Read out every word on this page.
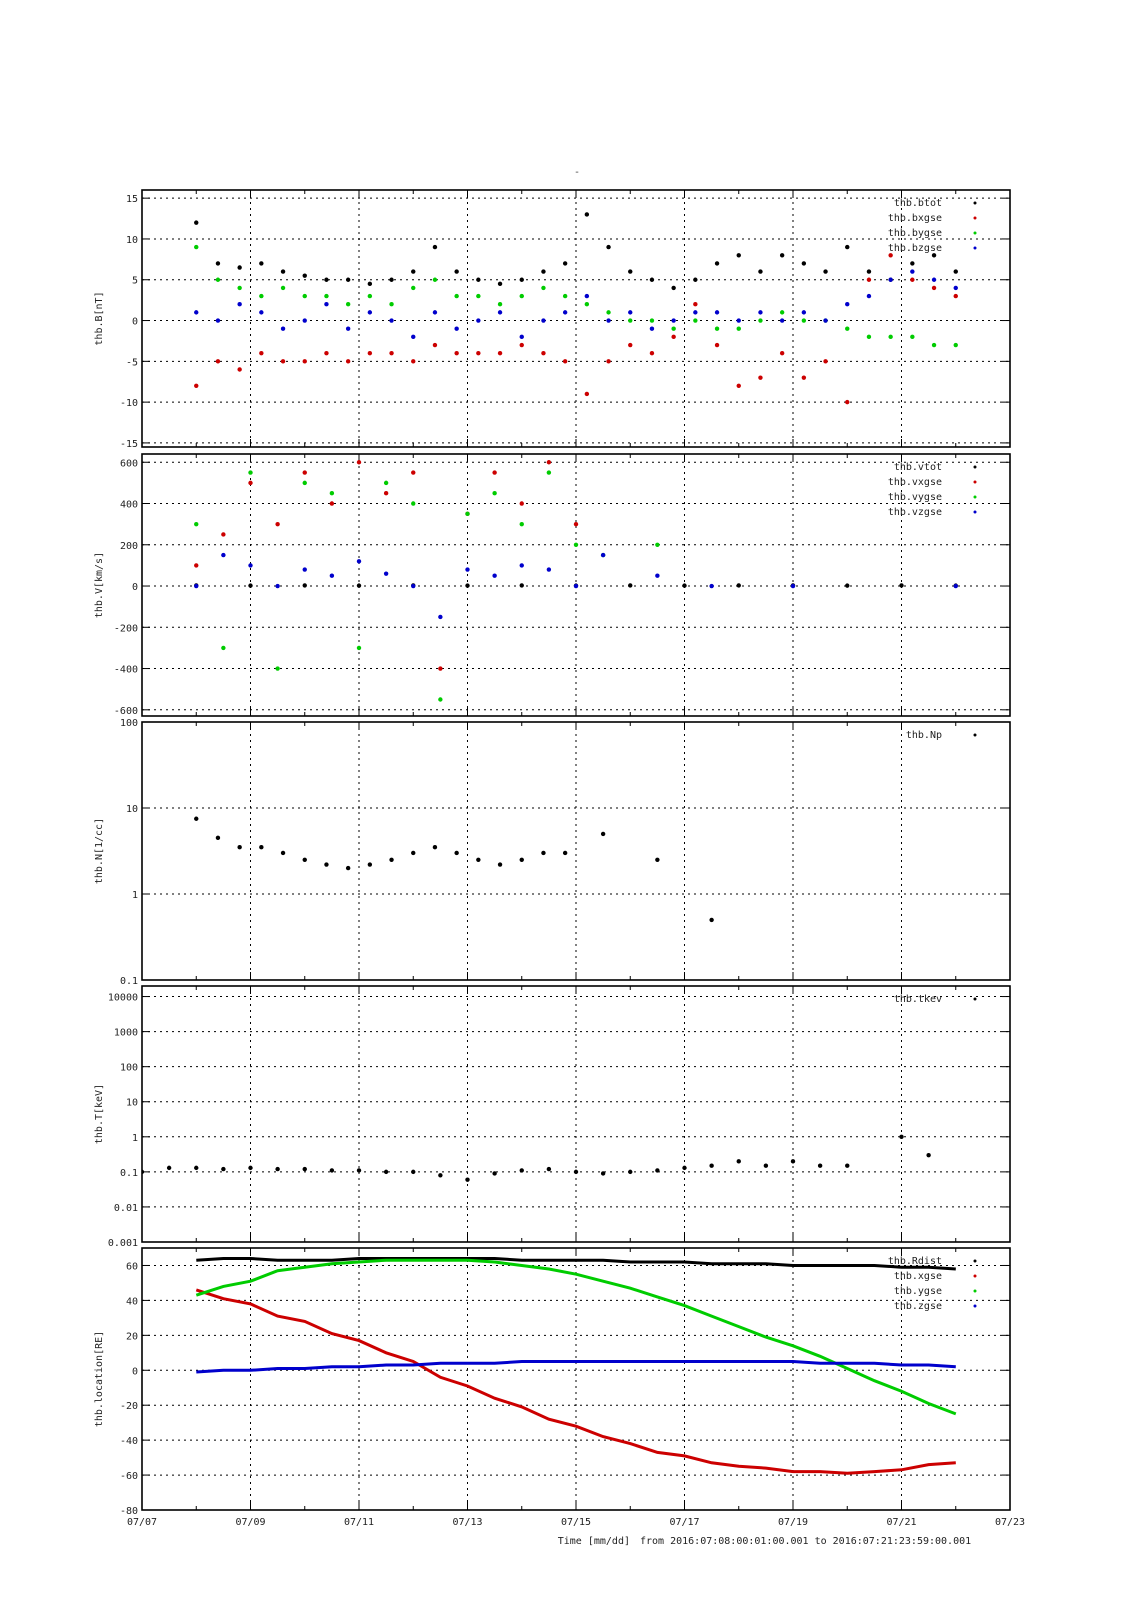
-
-15
-10
-5
0
5
10
15	thb.btot
thb.bxgse
thb.bygse
thb.bzgse
thb.B[nT]
-600
-400
-200
0
200
400
600	thb.vtot
thb.vxgse
thb.vygse
thb.vzgse
thb.V[km/s]
0.1
1
10
100
thb.Np
thb.N[1/cc]
0.001
0.01
0.1
1
10
100
1000
10000	thb.tkev
thb.T[keV]
-80
-60
-40
-20
0
20
40
60	thb.Rdist
thb.xgse
thb.ygse
thb.zgse
thb.location[RE]
07/07	07/09	07/11	07/13	07/15	07/17	07/19	07/21	07/23
Time [mm/dd] from 2016:07:08:00:01:00.001 to 2016:07:21:23:59:00.001
